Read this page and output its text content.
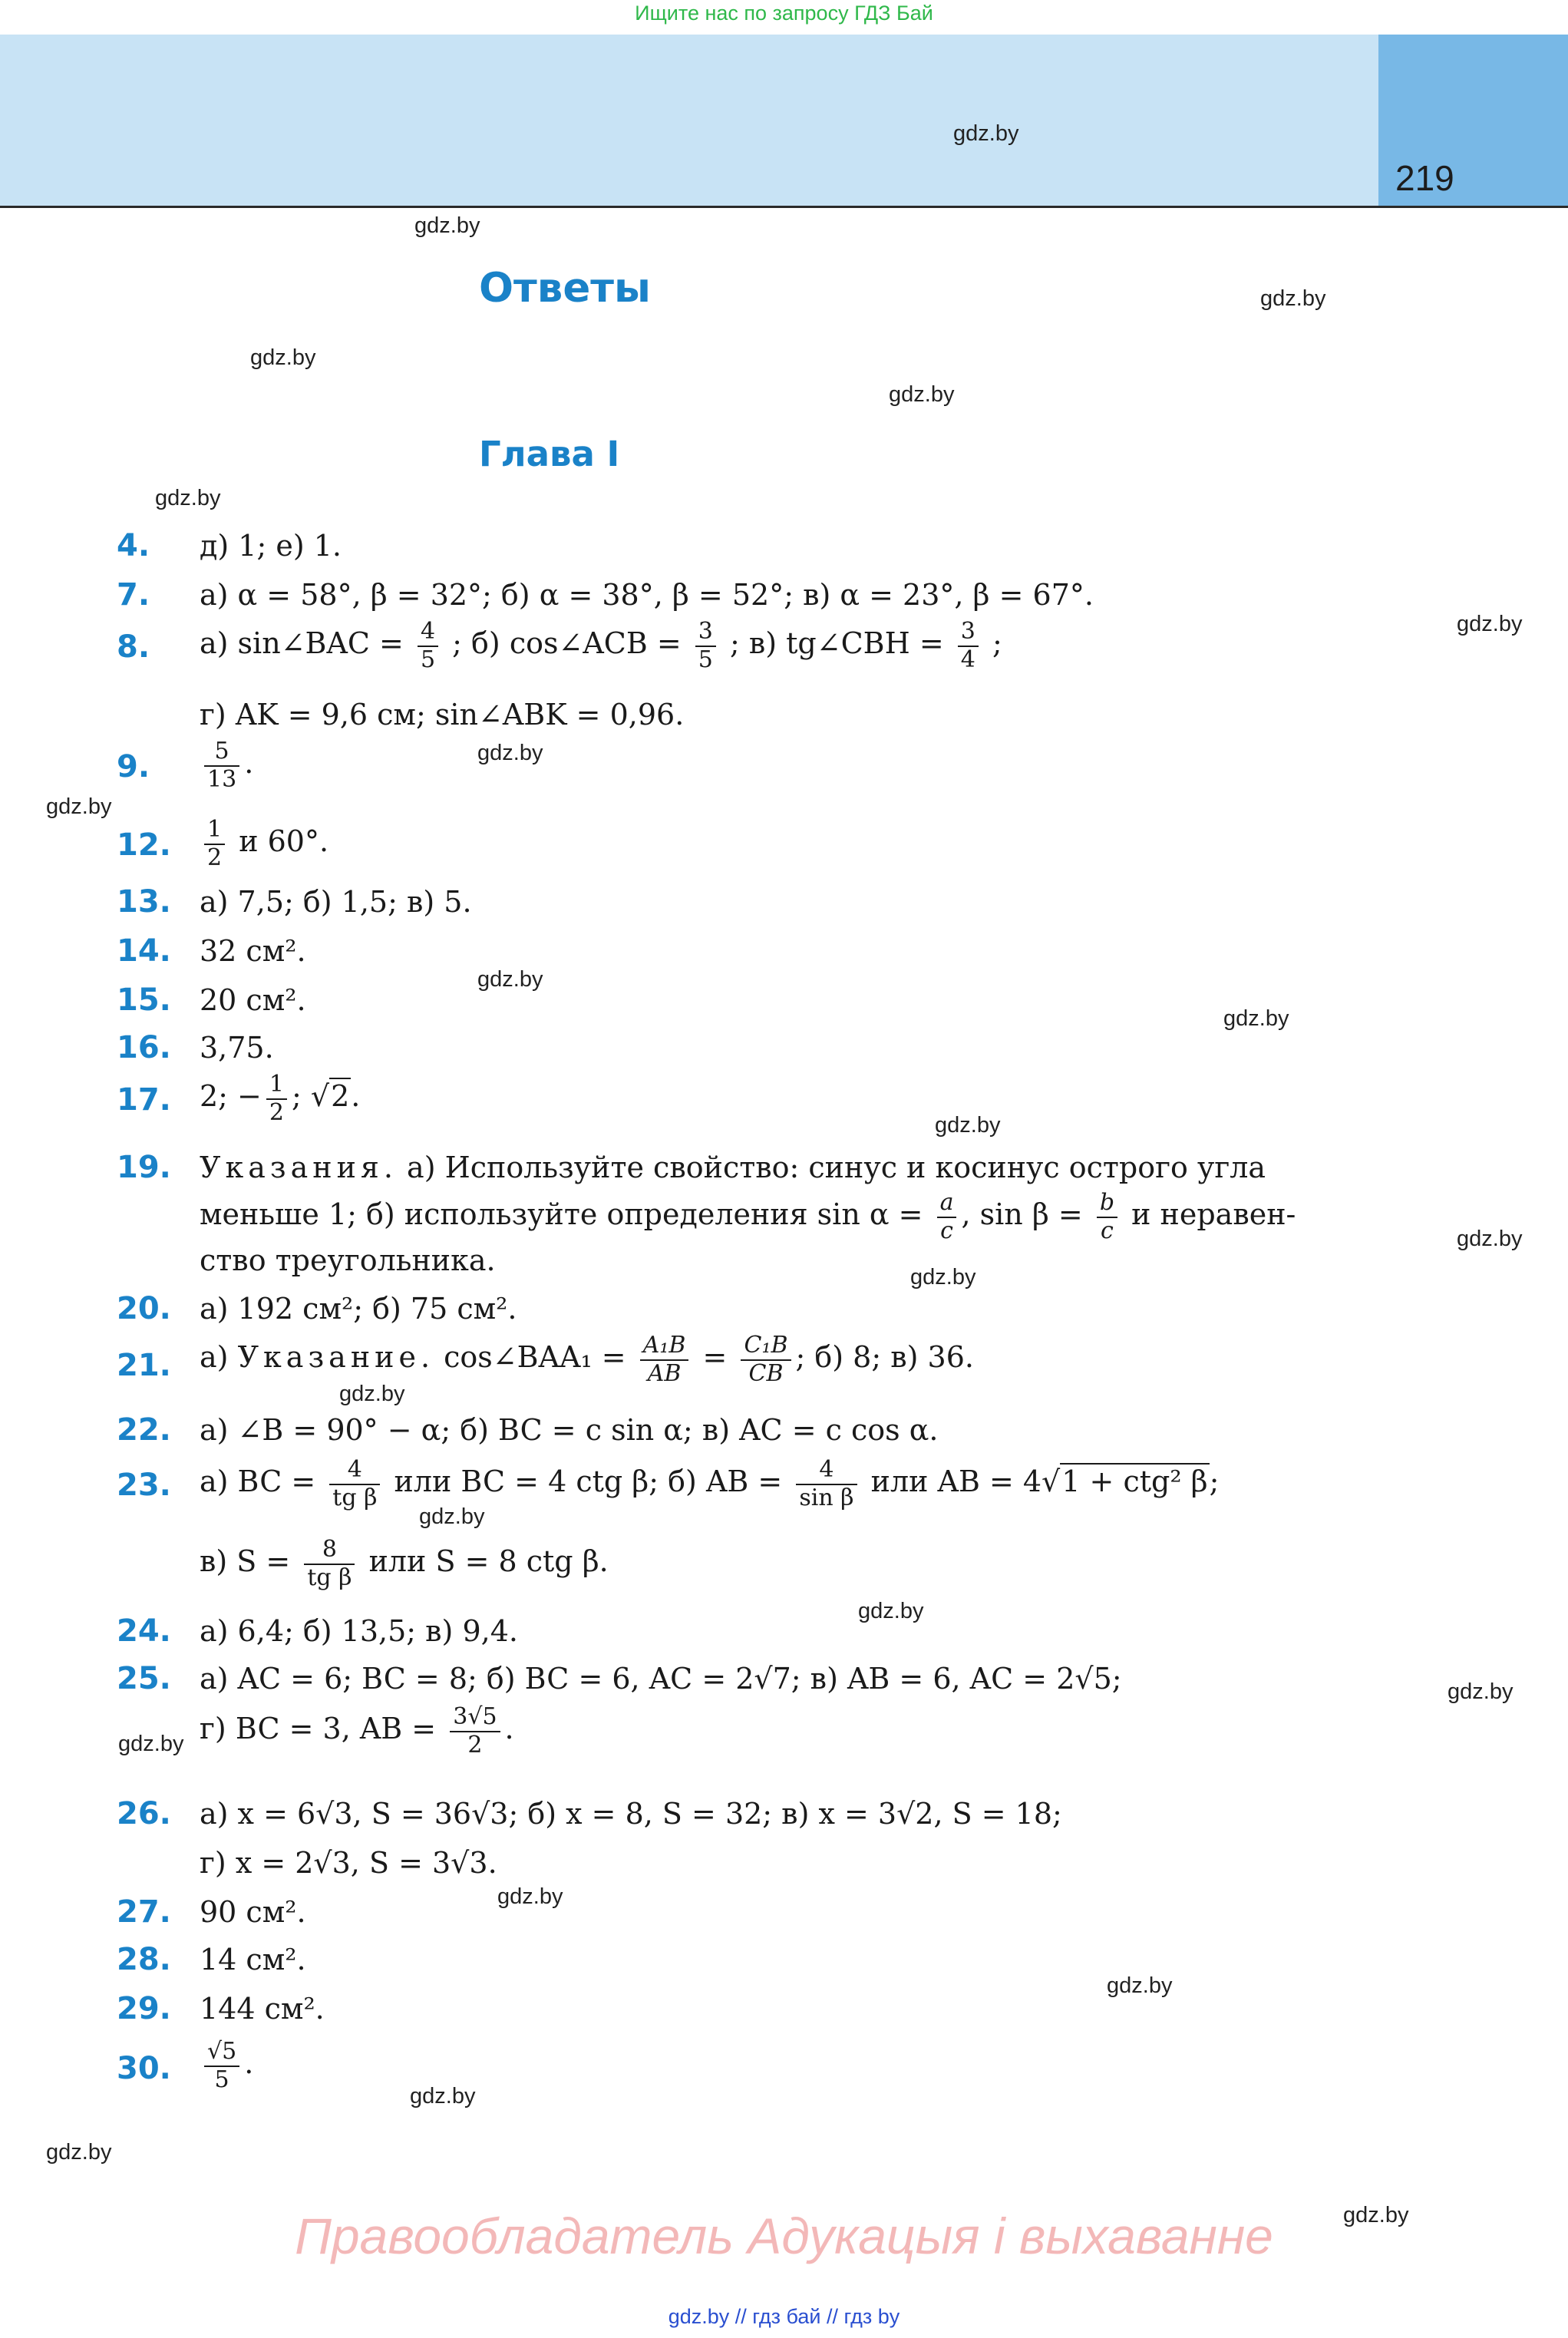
Ищите нас по запросу ГДЗ Бай
219
gdz.by
gdz.by
gdz.by
gdz.by
gdz.by
gdz.by
gdz.by
gdz.by
gdz.by
gdz.by
gdz.by
gdz.by
gdz.by
gdz.by
gdz.by
gdz.by
gdz.by
gdz.by
gdz.by
gdz.by
gdz.by
gdz.by
gdz.by
gdz.by
Ответы
Глава I
4. д) 1; е) 1.
7. а) α = 58°, β = 32°; б) α = 38°, β = 52°; в) α = 23°, β = 67°.
8. а) sin∠BAC = $\frac{4}{5}$ ; б) cos∠ACB = $\frac{3}{5}$ ; в) tg∠CBH = $\frac{3}{4}$ ;
г) AK = 9,6 см; sin∠ABK = 0,96.
9. $\frac{5}{13}$ .
12. $\frac{1}{2}$ и 60°.
13. а) 7,5; б) 1,5; в) 5.
14. 32 см².
15. 20 см².
16. 3,75.
17. 2; − $\frac{1}{2}$ ; √2.
19. Указания. а) Используйте свойство: синус и косинус острого угла
меньше 1; б) используйте определения $\sin \alpha = \frac{a}{c}$ , $\sin \beta = \frac{b}{c}$ и неравен-
ство треугольника.
20. а) 192 см²; б) 75 см².
21. а) Указание. cos∠BAA₁ = $\frac{\text{A₁B}}{AB} = \frac{\text{C₁B}}{CB}$ ; б) 8; в) 36.
22. а) ∠B = 90° − α; б) BC = c sin α; в) AC = c cos α.
23. а) BC = $\frac{4}{\text{tg β}}$ или BC = 4 ctg β; б) AB = $\frac{4}{\text{sin β}}$ или AB = 4√1 + ctg² β;
в) $S = \frac{8}{\text{tg β}}$ или S = 8 ctg β.
24. а) 6,4; б) 13,5; в) 9,4.
25. а) AC = 6; BC = 8; б) BC = 6, AC = 2√7; в) AB = 6, AC = 2√5;
г) BC = 3, AB = $\frac{3√5}{2}$ .
26. а) x = 6√3, S = 36√3; б) x = 8, S = 32; в) x = 3√2, S = 18;
г) x = 2√3, S = 3√3.
27. 90 см².
28. 14 см².
29. 144 см².
30. $\frac{√5}{5}$ .
Правообладатель Адукацыя і выхаванне
gdz.by // гдз бай // гдз by
